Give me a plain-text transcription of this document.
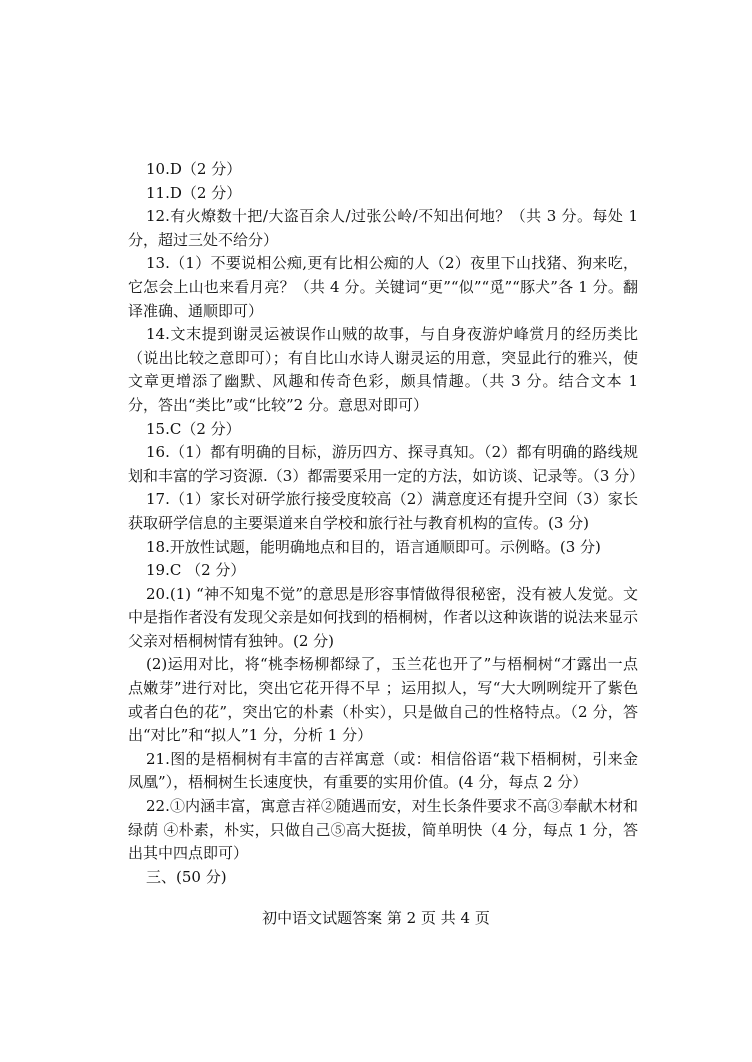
10.D（2 分）

11.D（2 分）

12.有火燎数十把/大盗百余人/过张公岭/不知出何地？（共 3 分。每处 1 分，超过三处不给分）

13.（1）不要说相公痴,更有比相公痴的人（2）夜里下山找猪、狗来吃，它怎会上山也来看月亮？（共 4 分。关键词“更”“似”“觅”“豚犬”各 1 分。翻译准确、通顺即可）

14.文末提到谢灵运被误作山贼的故事，与自身夜游炉峰赏月的经历类比（说出比较之意即可）；有自比山水诗人谢灵运的用意，突显此行的雅兴，使文章更增添了幽默、风趣和传奇色彩，颇具情趣。（共 3 分。结合文本 1 分，答出“类比”或“比较”2 分。意思对即可）

15.C（2 分）

16.（1）都有明确的目标，游历四方、探寻真知。（2）都有明确的路线规划和丰富的学习资源.（3）都需要采用一定的方法，如访谈、记录等。（3 分）

17.（1）家长对研学旅行接受度较高（2）满意度还有提升空间（3）家长获取研学信息的主要渠道来自学校和旅行社与教育机构的宣传。(3 分)

18.开放性试题，能明确地点和目的，语言通顺即可。示例略。(3 分)

19.C （2 分）

20.(1) “神不知鬼不觉”的意思是形容事情做得很秘密，没有被人发觉。文中是指作者没有发现父亲是如何找到的梧桐树，作者以这种诙谐的说法来显示父亲对梧桐树情有独钟。(2 分)

(2)运用对比，将“桃李杨柳都绿了，玉兰花也开了”与梧桐树“才露出一点点嫩芽”进行对比，突出它花开得不早 ；运用拟人，写“大大咧咧绽开了紫色或者白色的花”，突出它的朴素（朴实），只是做自己的性格特点。（2 分，答出“对比”和“拟人”1 分，分析 1 分）

21.图的是梧桐树有丰富的吉祥寓意（或：相信俗语“栽下梧桐树，引来金凤凰”），梧桐树生长速度快，有重要的实用价值。(4 分，每点 2 分）

22.①内涵丰富，寓意吉祥②随遇而安，对生长条件要求不高③奉献木材和绿荫 ④朴素，朴实，只做自己⑤高大挺拔，简单明快（4 分，每点 1 分，答出其中四点即可）

三、(50 分)

初中语文试题答案 第 2 页 共 4 页
